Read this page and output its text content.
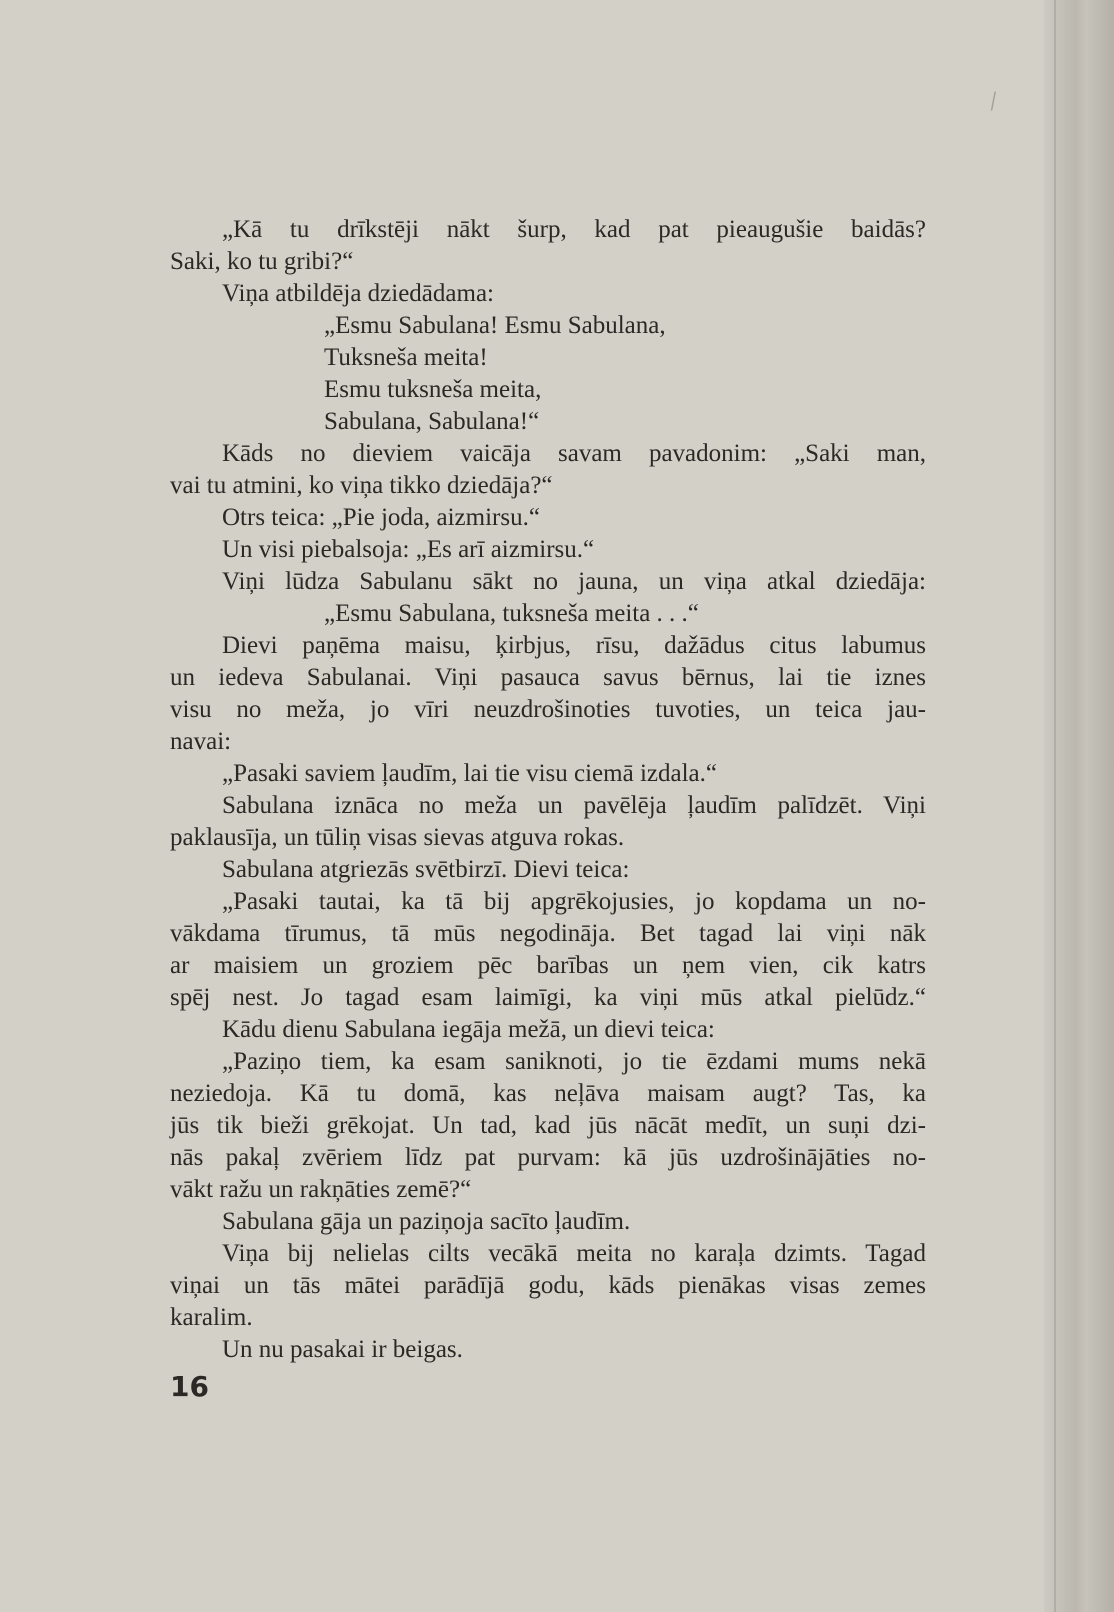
⁄
„Kā tu drīkstēji nākt šurp, kad pat pieaugušie baidās?
Saki, ko tu gribi?“
Viņa atbildēja dziedādama:
„Esmu Sabulana! Esmu Sabulana,
Tuksneša meita!
Esmu tuksneša meita,
Sabulana, Sabulana!“
Kāds no dieviem vaicāja savam pavadonim: „Saki man,
vai tu atmini, ko viņa tikko dziedāja?“
Otrs teica: „Pie joda, aizmirsu.“
Un visi piebalsoja: „Es arī aizmirsu.“
Viņi lūdza Sabulanu sākt no jauna, un viņa atkal dziedāja:
„Esmu Sabulana, tuksneša meita . . .“
Dievi paņēma maisu, ķirbjus, rīsu, dažādus citus labumus
un iedeva Sabulanai. Viņi pasauca savus bērnus, lai tie iznes
visu no meža, jo vīri neuzdrošinoties tuvoties, un teica jau-
navai:
„Pasaki saviem ļaudīm, lai tie visu ciemā izdala.“
Sabulana iznāca no meža un pavēlēja ļaudīm palīdzēt. Viņi
paklausīja, un tūliņ visas sievas atguva rokas.
Sabulana atgriezās svētbirzī. Dievi teica:
„Pasaki tautai, ka tā bij apgrēkojusies, jo kopdama un no-
vākdama tīrumus, tā mūs negodināja. Bet tagad lai viņi nāk
ar maisiem un groziem pēc barības un ņem vien, cik katrs
spēj nest. Jo tagad esam laimīgi, ka viņi mūs atkal pielūdz.“
Kādu dienu Sabulana iegāja mežā, un dievi teica:
„Paziņo tiem, ka esam saniknoti, jo tie ēzdami mums nekā
neziedoja. Kā tu domā, kas neļāva maisam augt? Tas, ka
jūs tik bieži grēkojat. Un tad, kad jūs nācāt medīt, un suņi dzi-
nās pakaļ zvēriem līdz pat purvam: kā jūs uzdrošinājāties no-
vākt ražu un rakņāties zemē?“
Sabulana gāja un paziņoja sacīto ļaudīm.
Viņa bij nelielas cilts vecākā meita no karaļa dzimts. Tagad
viņai un tās mātei parādījā godu, kāds pienākas visas zemes
karalim.
Un nu pasakai ir beigas.
16
